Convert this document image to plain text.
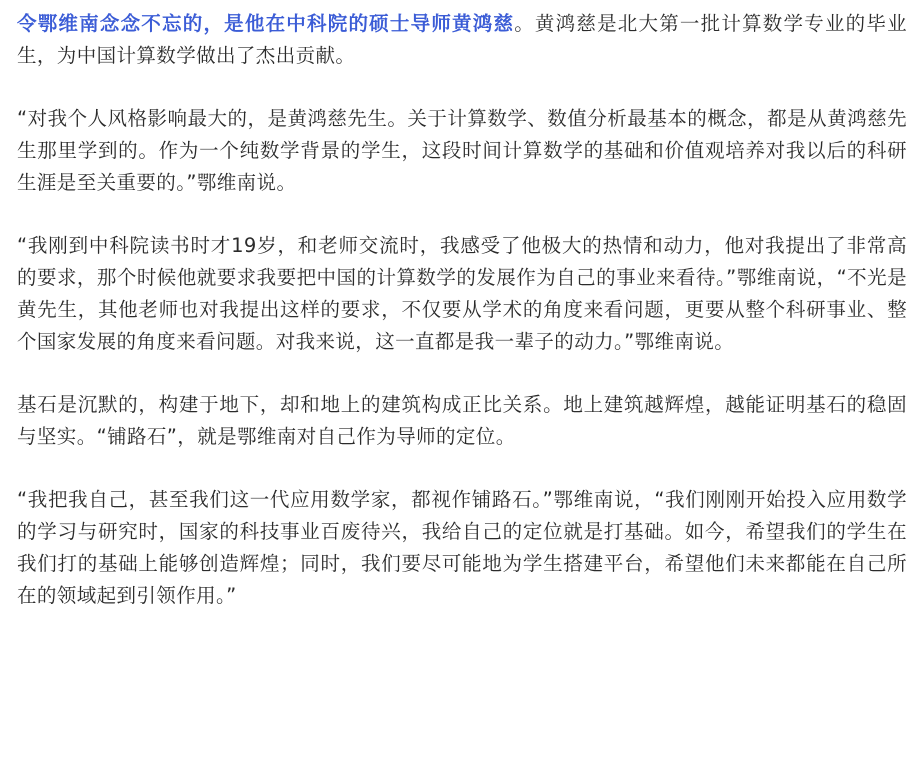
令鄂维南念念不忘的，是他在中科院的硕士导师黄鸿慈。黄鸿慈是北大第一批计算数学专业的毕业生，为中国计算数学做出了杰出贡献。

“对我个人风格影响最大的，是黄鸿慈先生。关于计算数学、数值分析最基本的概念，都是从黄鸿慈先生那里学到的。作为一个纯数学背景的学生，这段时间计算数学的基础和价值观培养对我以后的科研生涯是至关重要的。”鄂维南说。

“我刚到中科院读书时才19岁，和老师交流时，我感受了他极大的热情和动力，他对我提出了非常高的要求，那个时候他就要求我要把中国的计算数学的发展作为自己的事业来看待。”鄂维南说，“不光是黄先生，其他老师也对我提出这样的要求，不仅要从学术的角度来看问题，更要从整个科研事业、整个国家发展的角度来看问题。对我来说，这一直都是我一辈子的动力。”鄂维南说。

基石是沉默的，构建于地下，却和地上的建筑构成正比关系。地上建筑越辉煌，越能证明基石的稳固与坚实。“铺路石”，就是鄂维南对自己作为导师的定位。

“我把我自己，甚至我们这一代应用数学家，都视作铺路石。”鄂维南说，“我们刚刚开始投入应用数学的学习与研究时，国家的科技事业百废待兴，我给自己的定位就是打基础。如今，希望我们的学生在我们打的基础上能够创造辉煌；同时，我们要尽可能地为学生搭建平台，希望他们未来都能在自己所在的领域起到引领作用。”
